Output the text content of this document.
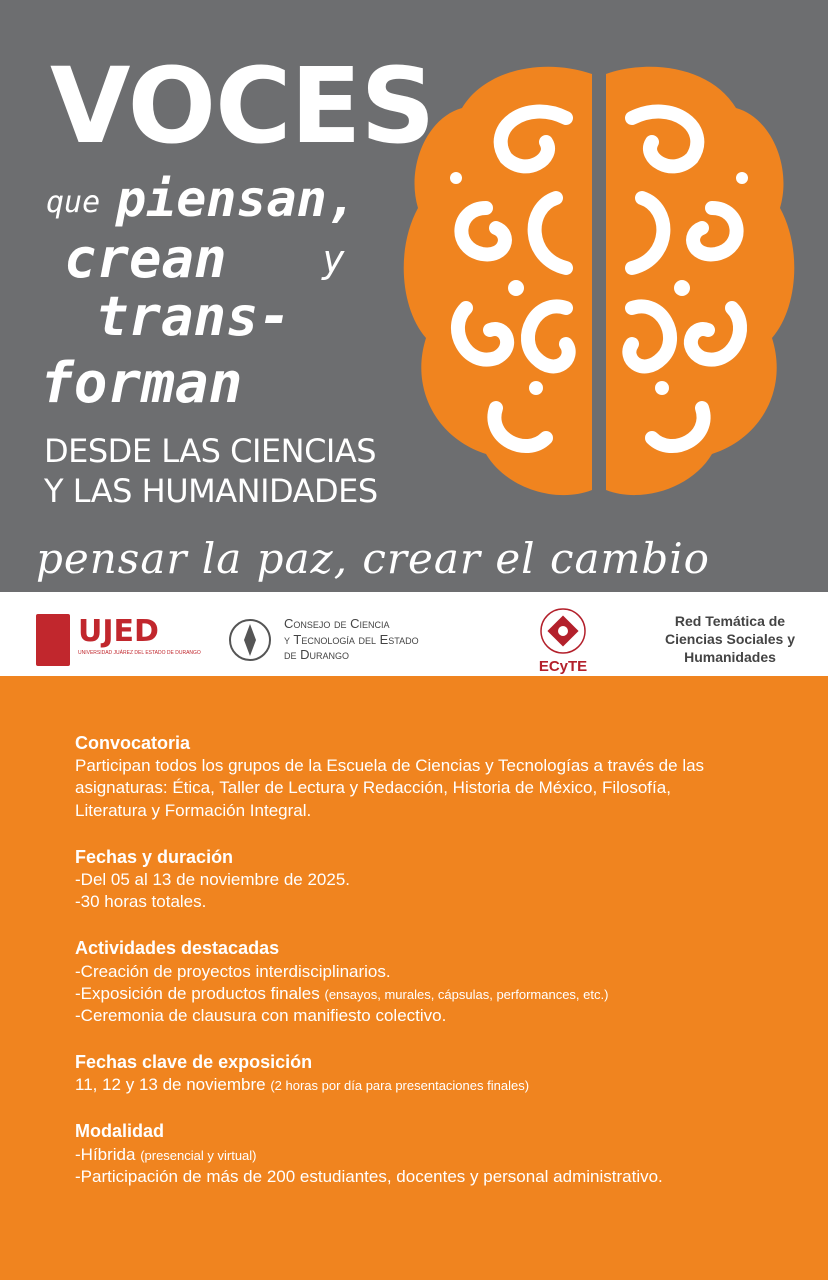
VOCES
que piensan,
crean	y
trans-
forman
DESDE LAS CIENCIAS
Y LAS HUMANIDADES
pensar la paz, crear el cambio
UJED
UNIVERSIDAD JUÁREZ DEL ESTADO DE DURANGO
Consejo de Ciencia
y Tecnología del Estado
de Durango
ECyTE
Red Temática de
Ciencias Sociales y
Humanidades
Convocatoria

Participan todos los grupos de la Escuela de Ciencias y Tecnologías a través de las

asignaturas: Ética, Taller de Lectura y Redacción, Historia de México, Filosofía,

Literatura y Formación Integral.

Fechas y duración

-Del 05 al 13 de noviembre de 2025.

-30 horas totales.

Actividades destacadas

-Creación de proyectos interdisciplinarios.

-Exposición de productos finales (ensayos, murales, cápsulas, performances, etc.)

-Ceremonia de clausura con manifiesto colectivo.

Fechas clave de exposición

11, 12 y 13 de noviembre (2 horas por día para presentaciones finales)

Modalidad

-Híbrida (presencial y virtual)

-Participación de más de 200 estudiantes, docentes y personal administrativo.
